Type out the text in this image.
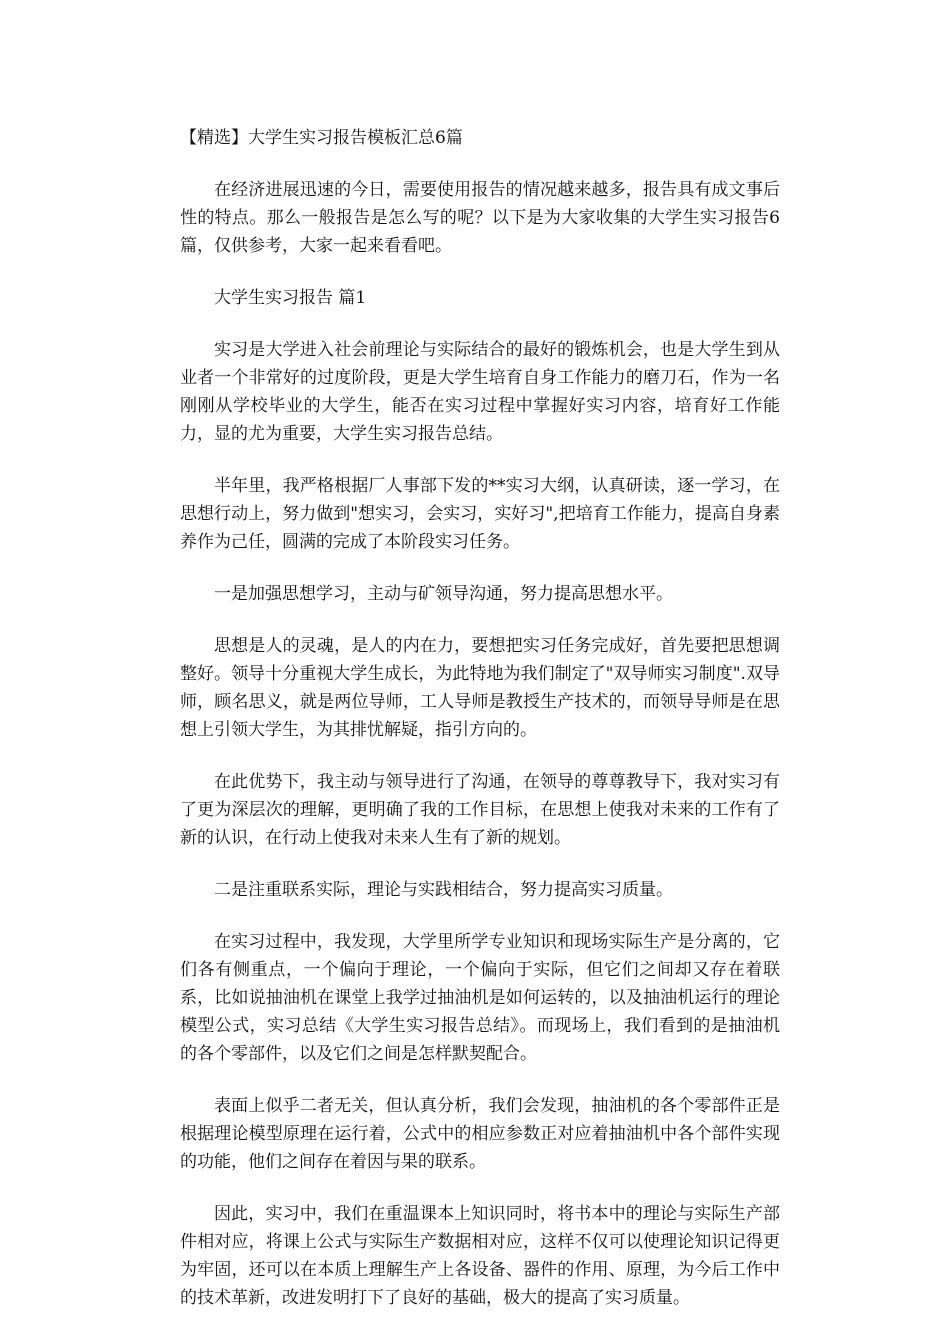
【精选】大学生实习报告模板汇总6篇

在经济进展迅速的今日，需要使用报告的情况越来越多，报告具有成文事后性的特点。那么一般报告是怎么写的呢？以下是为大家收集的大学生实习报告6篇，仅供参考，大家一起来看看吧。

大学生实习报告 篇1

实习是大学进入社会前理论与实际结合的最好的锻炼机会，也是大学生到从业者一个非常好的过度阶段，更是大学生培育自身工作能力的磨刀石，作为一名刚刚从学校毕业的大学生，能否在实习过程中掌握好实习内容，培育好工作能力，显的尤为重要，大学生实习报告总结。

半年里，我严格根据厂人事部下发的**实习大纲，认真研读，逐一学习，在思想行动上，努力做到"想实习，会实习，实好习",把培育工作能力，提高自身素养作为己任，圆满的完成了本阶段实习任务。

一是加强思想学习，主动与矿领导沟通，努力提高思想水平。

思想是人的灵魂，是人的内在力，要想把实习任务完成好，首先要把思想调整好。领导十分重视大学生成长，为此特地为我们制定了"双导师实习制度".双导师，顾名思义，就是两位导师，工人导师是教授生产技术的，而领导导师是在思想上引领大学生，为其排忧解疑，指引方向的。

在此优势下，我主动与领导进行了沟通，在领导的尊尊教导下，我对实习有了更为深层次的理解，更明确了我的工作目标，在思想上使我对未来的工作有了新的认识，在行动上使我对未来人生有了新的规划。

二是注重联系实际，理论与实践相结合，努力提高实习质量。

在实习过程中，我发现，大学里所学专业知识和现场实际生产是分离的，它们各有侧重点，一个偏向于理论，一个偏向于实际，但它们之间却又存在着联系，比如说抽油机在课堂上我学过抽油机是如何运转的，以及抽油机运行的理论模型公式，实习总结《大学生实习报告总结》。而现场上，我们看到的是抽油机的各个零部件，以及它们之间是怎样默契配合。

表面上似乎二者无关，但认真分析，我们会发现，抽油机的各个零部件正是根据理论模型原理在运行着，公式中的相应参数正对应着抽油机中各个部件实现的功能，他们之间存在着因与果的联系。

因此，实习中，我们在重温课本上知识同时，将书本中的理论与实际生产部件相对应，将课上公式与实际生产数据相对应，这样不仅可以使理论知识记得更为牢固，还可以在本质上理解生产上各设备、器件的作用、原理，为今后工作中的技术革新，改进发明打下了良好的基础，极大的提高了实习质量。
